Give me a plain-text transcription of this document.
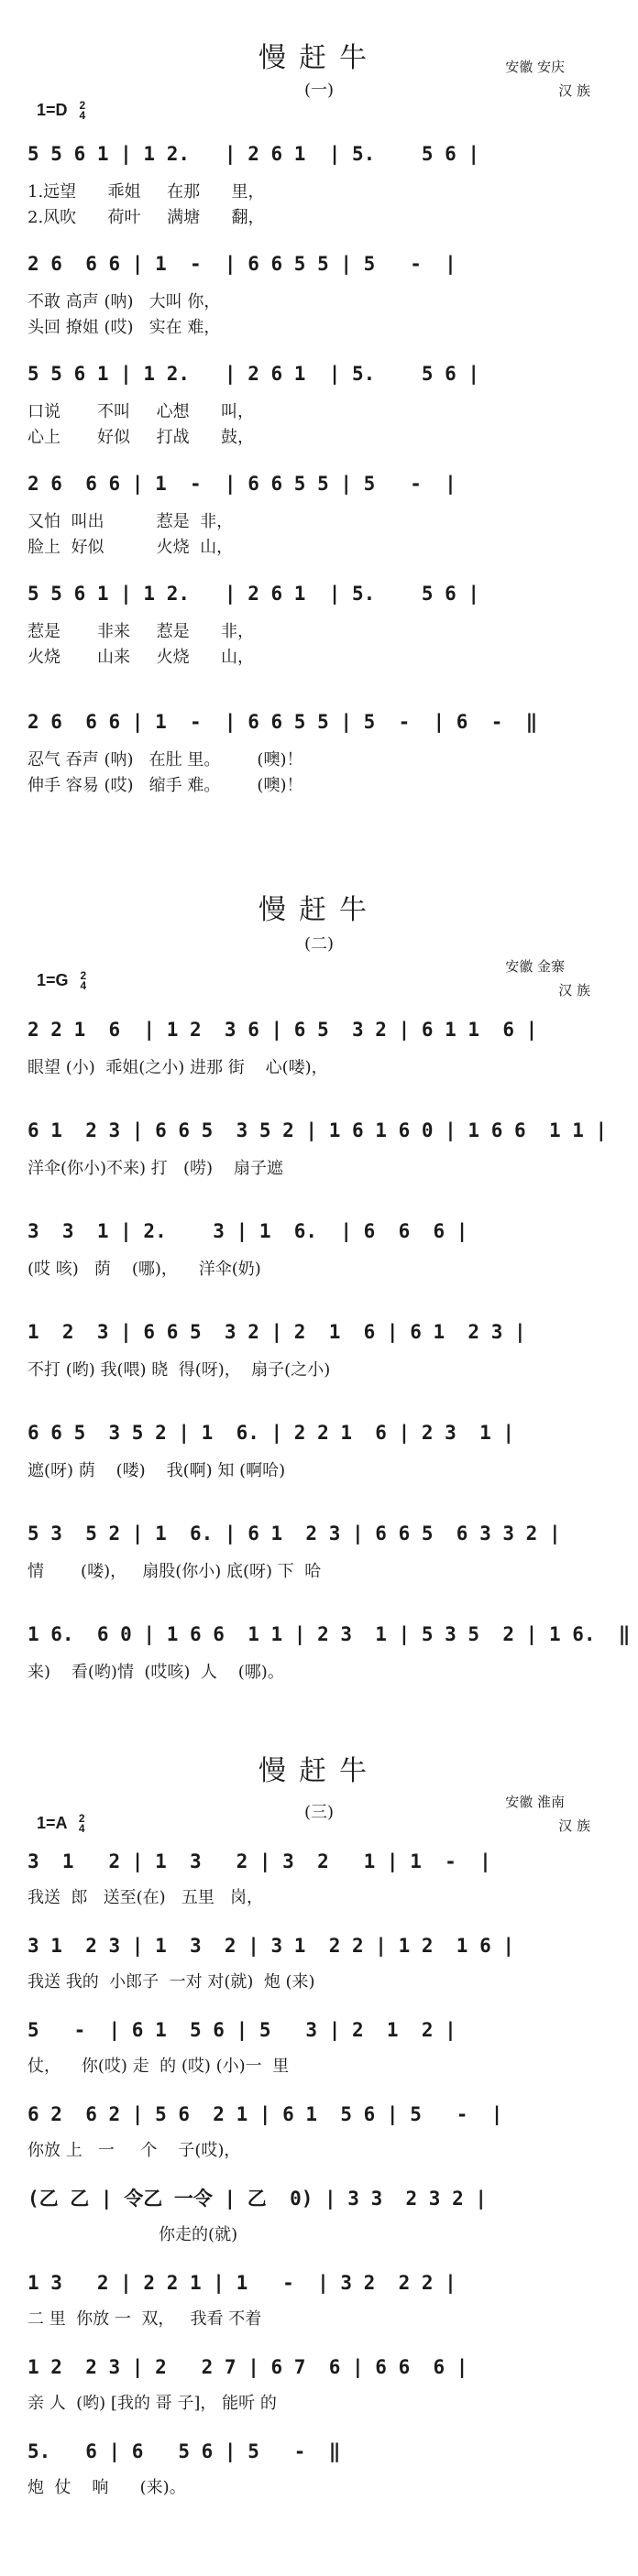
慢赶牛
(一)
安徽 安庆
汉 族
1=D 2
4
5 5 6 1 | 1 2.   | 2 6 1  | 5.    5 6 |
1.远望      乖姐     在那      里，
2.风吹      荷叶     满塘      翻，
2 6  6 6 | 1  -  | 6 6 5 5 | 5   -  |
不敢 高声 (呐)   大叫 你，
头回 撩姐 (哎)   实在 难，
5 5 6 1 | 1 2.   | 2 6 1  | 5.    5 6 |
口说       不叫     心想      叫，
心上       好似     打战      鼓，
2 6  6 6 | 1  -  | 6 6 5 5 | 5   -  |
又怕  叫出          惹是  非，
脸上  好似          火烧  山，
5 5 6 1 | 1 2.   | 2 6 1  | 5.    5 6 |
惹是       非来     惹是      非，
火烧       山来     火烧      山，
2 6  6 6 | 1  -  | 6 6 5 5 | 5  -  | 6  -  ‖
忍气 吞声 (呐)   在肚 里。       (噢)！
伸手 容易 (哎)   缩手 难。       (噢)！
慢赶牛
(二)
安徽 金寨
汉 族
1=G 2
4
2 2 1  6  | 1 2  3 6 | 6 5  3 2 | 6 1 1  6 |
眼望 (小)  乖姐(之小) 进那 街    心(喽)，
6 1  2 3 | 6 6 5  3 5 2 | 1 6 1 6 0 | 1 6 6  1 1 |
洋伞(你小)不来) 打   (唠)    扇子遮
3  3  1 | 2.    3 | 1  6.  | 6  6  6 |
(哎 咳)   荫    (哪)，    洋伞(奶)
1  2  3 | 6 6 5  3 2 | 2  1  6 | 6 1  2 3 |
不打 (哟) 我(喂) 晓  得(呀)，  扇子(之小)
6 6 5  3 5 2 | 1  6. | 2 2 1  6 | 2 3  1 |
遮(呀) 荫    (喽)    我(啊) 知 (啊哈)
5 3  5 2 | 1  6. | 6 1  2 3 | 6 6 5  6 3 3 2 |
情       (喽)，   扇股(你小) 底(呀) 下  哈
1 6.  6 0 | 1 6 6  1 1 | 2 3  1 | 5 3 5  2 | 1 6.  ‖
来)    看(哟)情  (哎咳)  人    (哪)。
慢赶牛
(三)
安徽 淮南
汉 族
1=A 2
4
3  1   2 | 1  3   2 | 3  2   1 | 1  -  |
我送  郎   送至(在)   五里   岗，
3 1  2 3 | 1  3  2 | 3 1  2 2 | 1 2  1 6 |
我送 我的  小郎子  一对 对(就)  炮 (来)
5   -  | 6 1  5 6 | 5   3 | 2  1  2 |
仗，    你(哎) 走  的 (哎) (小)一  里
6 2  6 2 | 5 6  2 1 | 6 1  5 6 | 5   -  |
你放 上   一     个    子(哎)，
(乙 乙 | 令乙 一令 | 乙  0) | 3 3  2 3 2 |
你走的(就)
1 3   2 | 2 2 1 | 1   -  | 3 2  2 2 |
二 里  你放 一  双，   我看 不着
1 2  2 3 | 2   2 7 | 6 7  6 | 6 6  6 |
亲 人  (哟) [我的 哥 子]， 能听 的
5.   6 | 6   5 6 | 5   -  ‖
炮  仗    响      (来)。
